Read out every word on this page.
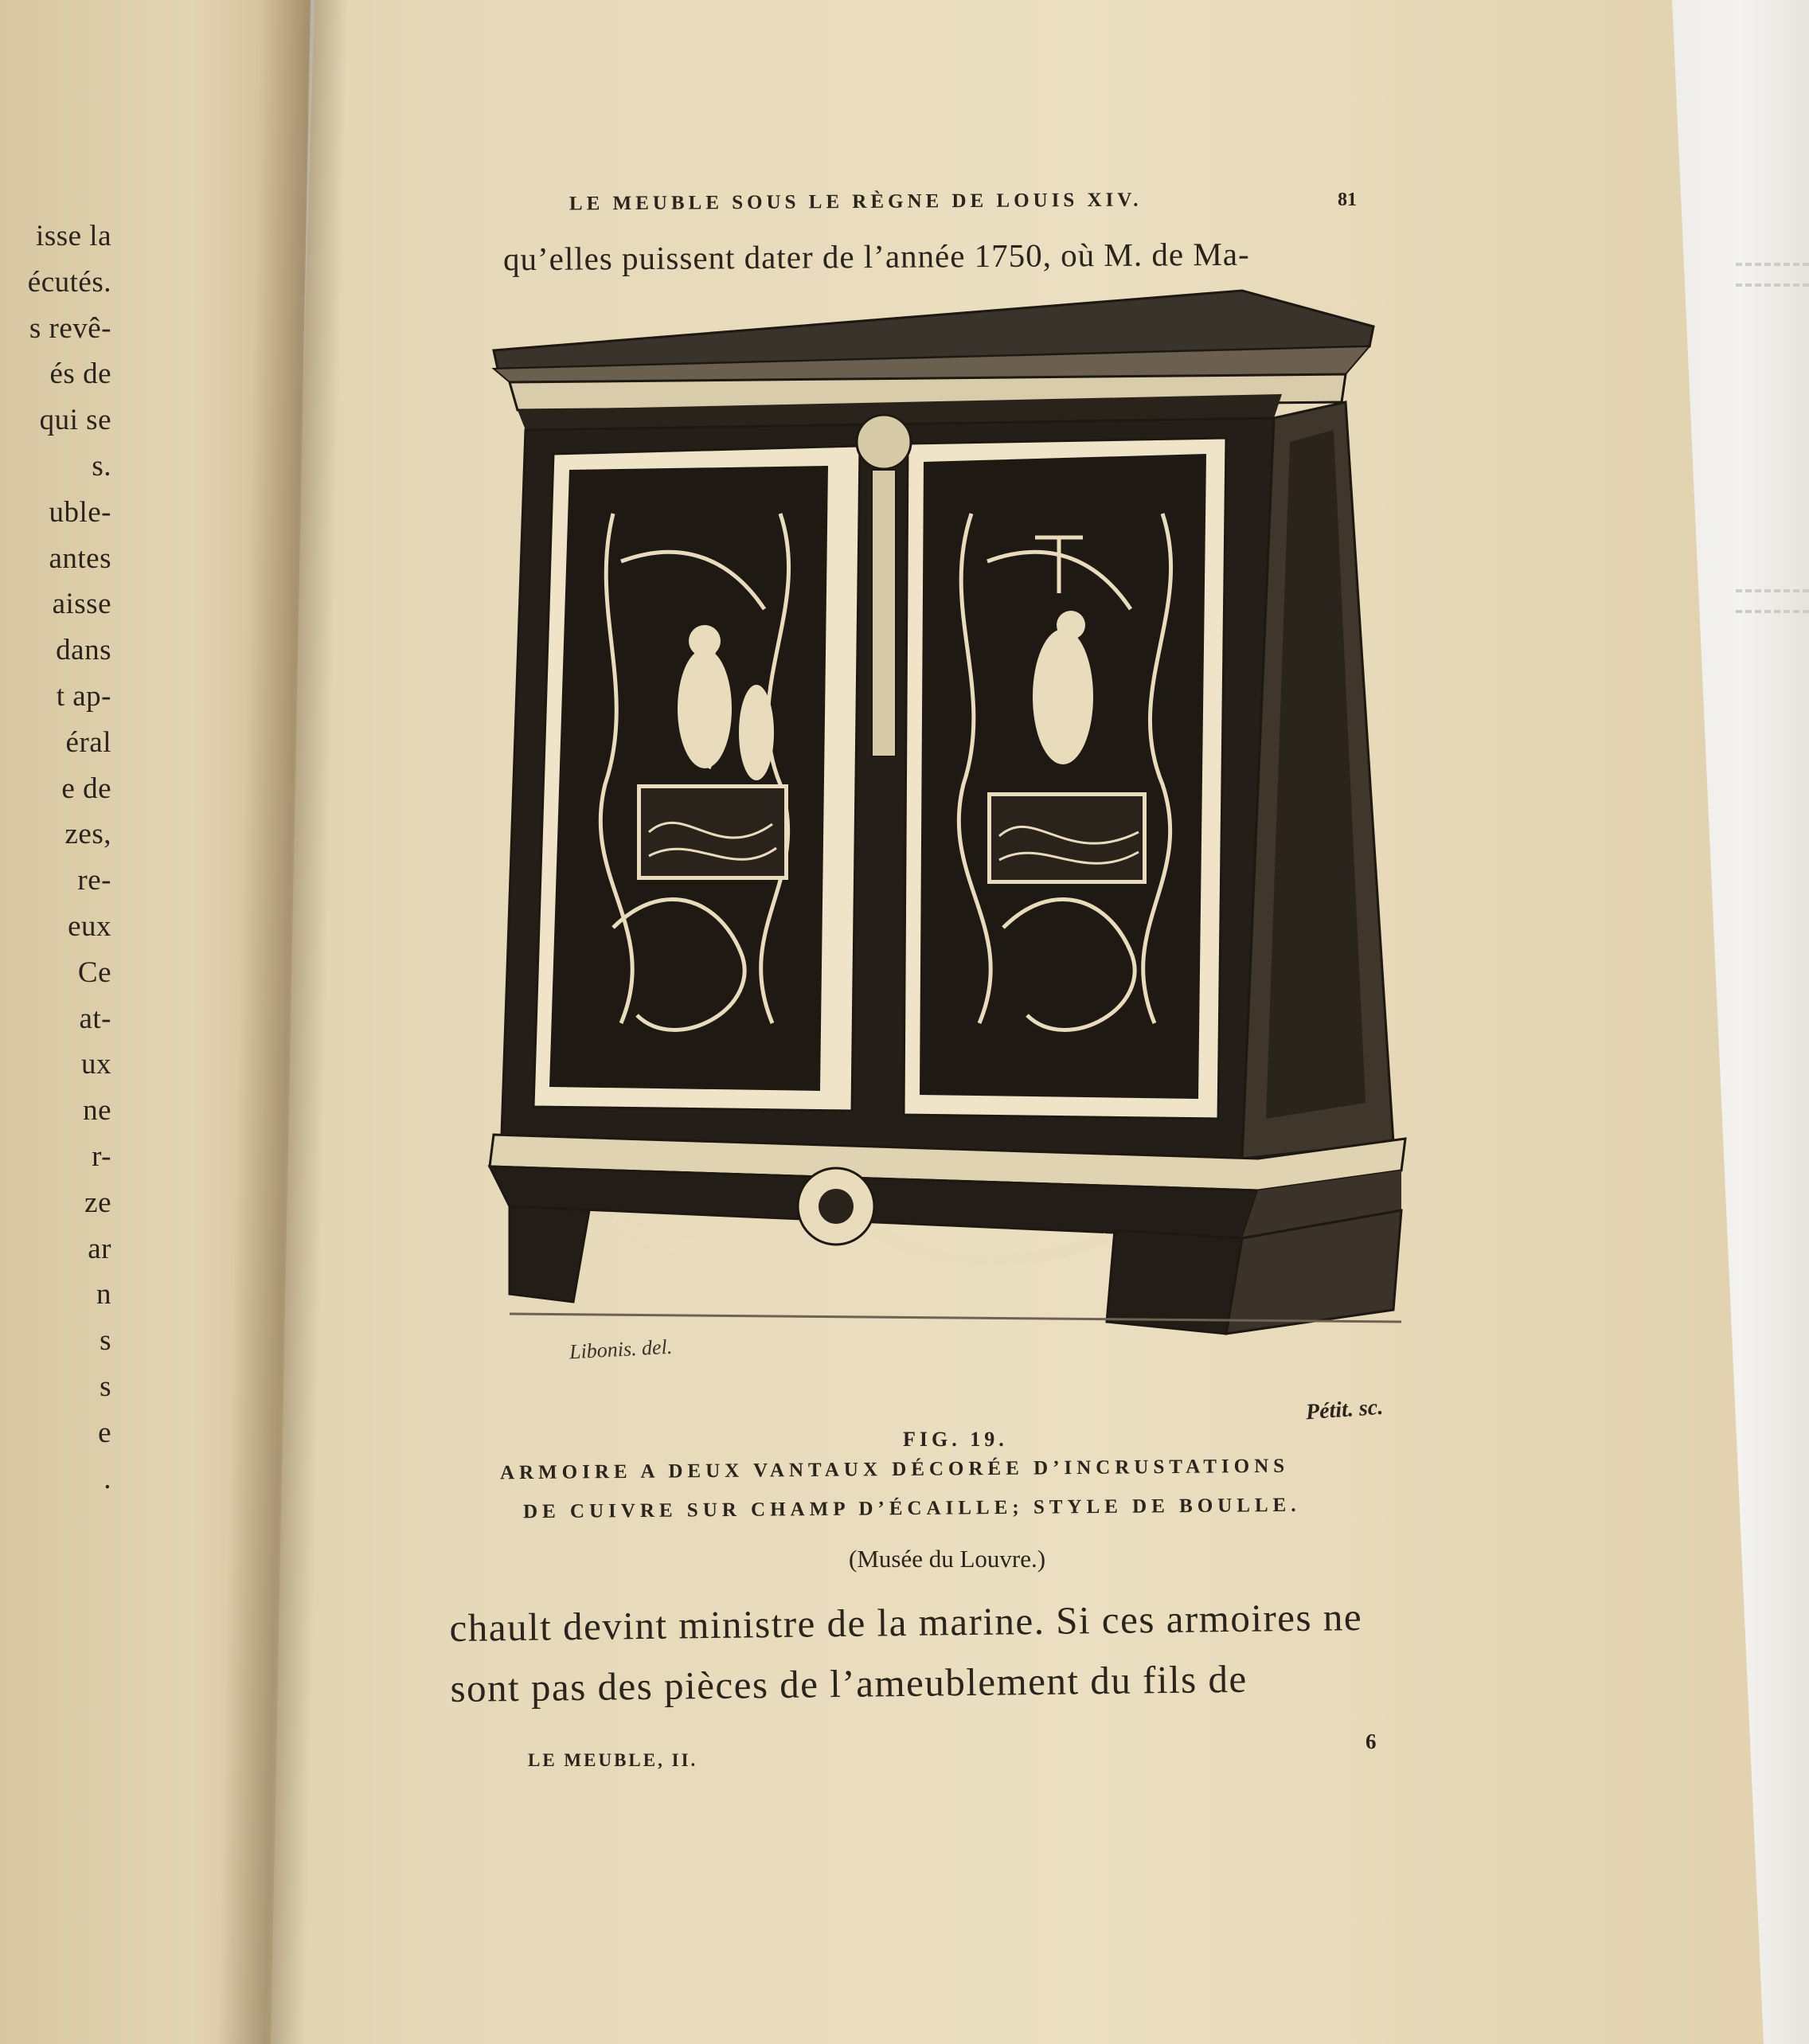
isse la
écutés.
s revê-
és de
qui se
s.
uble-
antes
aisse
dans
t ap-
éral
e de
zes,
re-
eux
Ce
at-
ux
ne
r-
ze
ar
n
s
s
e
.
LE MEUBLE SOUS LE RÈGNE DE LOUIS XIV.	81
qu’elles puissent dater de l’année 1750, où M. de Ma-
Libonis. del.
Pétit. sc.
FIG. 19.
ARMOIRE A DEUX VANTAUX DÉCORÉE D’INCRUSTATIONS
DE CUIVRE SUR CHAMP D’ÉCAILLE; STYLE DE BOULLE.
(Musée du Louvre.)
chault devint ministre de la marine. Si ces armoires ne
sont pas des pièces de l’ameublement du fils de
LE MEUBLE, II.
6
